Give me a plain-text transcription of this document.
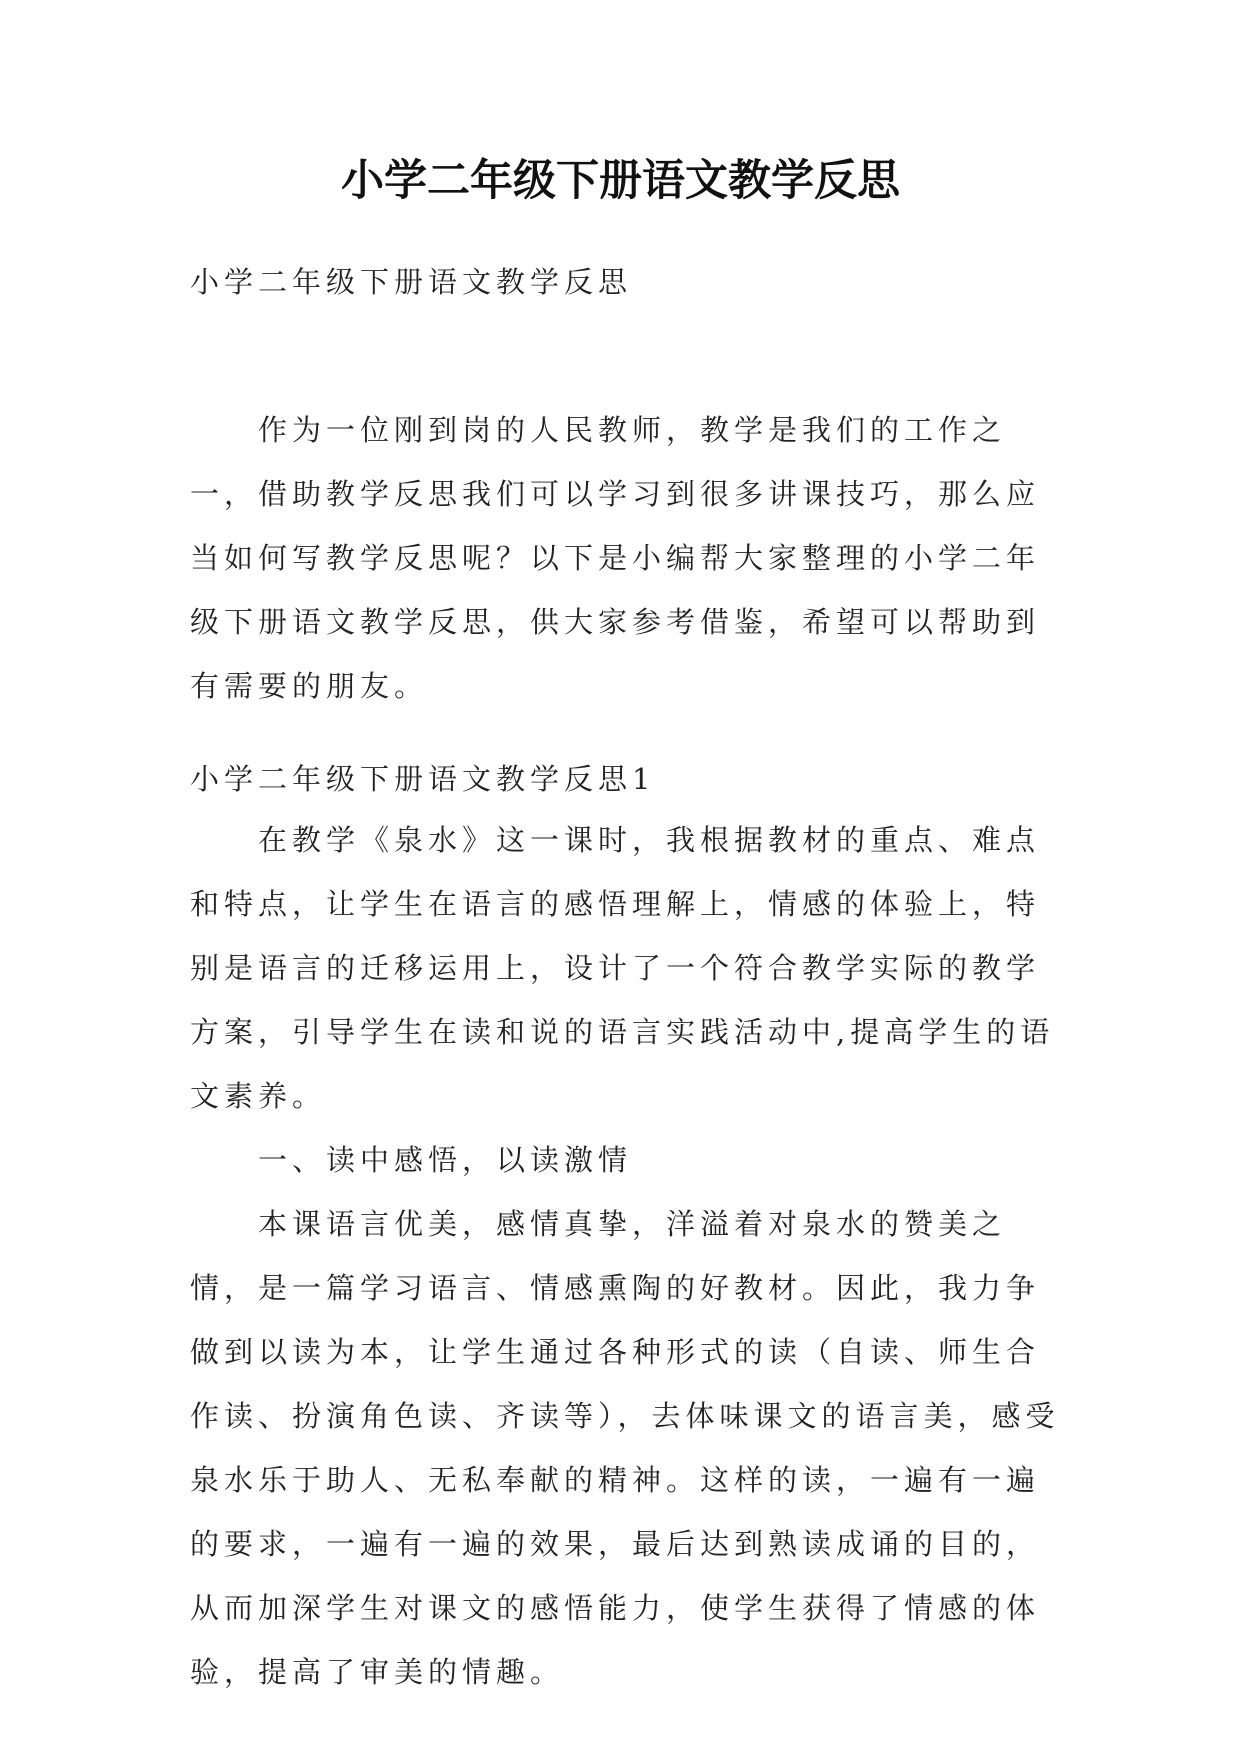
小学二年级下册语文教学反思

小学二年级下册语文教学反思

作为一位刚到岗的人民教师，教学是我们的工作之一，借助教学反思我们可以学习到很多讲课技巧，那么应当如何写教学反思呢？以下是小编帮大家整理的小学二年级下册语文教学反思，供大家参考借鉴，希望可以帮助到有需要的朋友。

小学二年级下册语文教学反思1

在教学《泉水》这一课时，我根据教材的重点、难点和特点，让学生在语言的感悟理解上，情感的体验上，特别是语言的迁移运用上，设计了一个符合教学实际的教学方案，引导学生在读和说的语言实践活动中,提高学生的语文素养。

一、读中感悟，以读激情

本课语言优美，感情真挚，洋溢着对泉水的赞美之情，是一篇学习语言、情感熏陶的好教材。因此，我力争做到以读为本，让学生通过各种形式的读（自读、师生合作读、扮演角色读、齐读等），去体味课文的语言美，感受泉水乐于助人、无私奉献的精神。这样的读，一遍有一遍的要求，一遍有一遍的效果，最后达到熟读成诵的目的，从而加深学生对课文的感悟能力，使学生获得了情感的体验，提高了审美的情趣。
